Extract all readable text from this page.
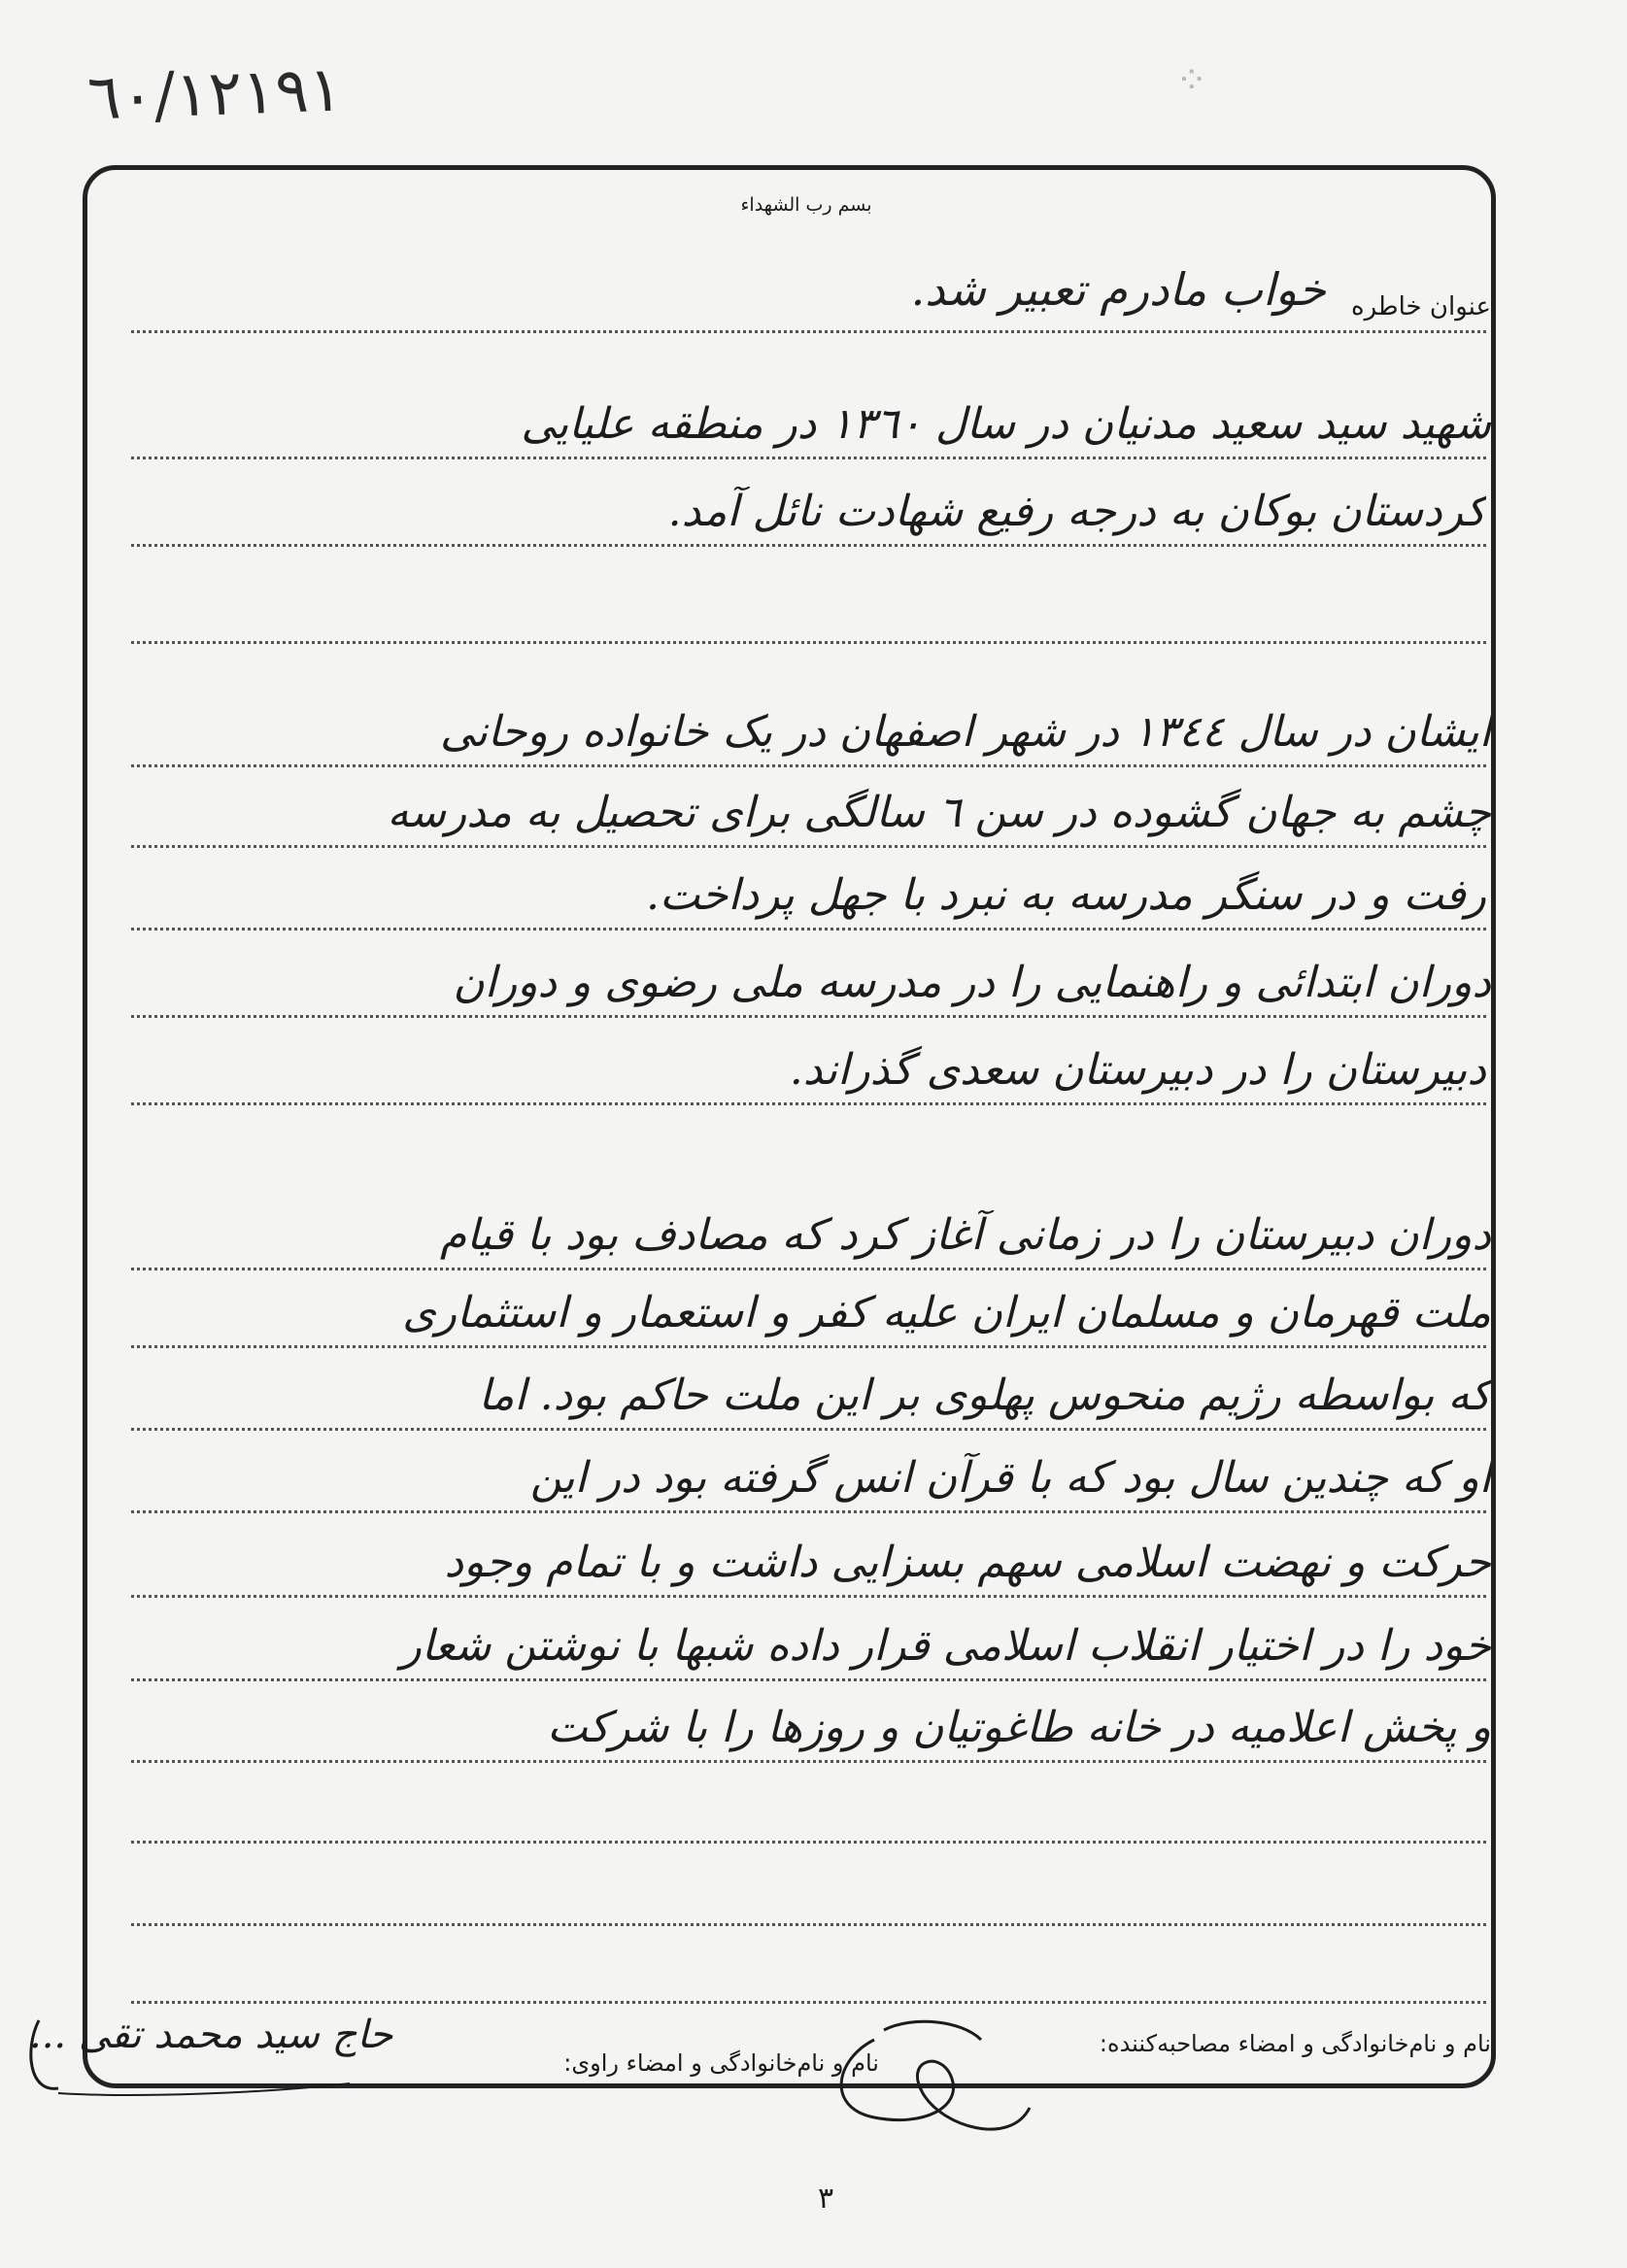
٦٠/١٢١٩١	⁘
بسم رب الشهداء
عنوان خاطره
خواب مادرم تعبیر شد.
شهید سید سعید مدنیان در سال ١٣٦٠ در منطقه علیایی
کردستان بوکان به درجه رفیع شهادت نائل آمد.
ایشان در سال ١٣٤٤ در شهر اصفهان در یک خانواده روحانی
چشم به جهان گشوده در سن ٦ سالگی برای تحصیل به مدرسه
رفت و در سنگر مدرسه به نبرد با جهل پرداخت.
دوران ابتدائی و راهنمایی را در مدرسه ملی رضوی و دوران
دبیرستان را در دبیرستان سعدی گذراند.
دوران دبیرستان را در زمانی آغاز کرد که مصادف بود با قیام
ملت قهرمان و مسلمان ایران علیه کفر و استعمار و استثماری
که بواسطه رژیم منحوس پهلوی بر این ملت حاکم بود. اما
او که چندین سال بود که با قرآن انس گرفته بود در این
حرکت و نهضت اسلامی سهم بسزایی داشت و با تمام وجود
خود را در اختیار انقلاب اسلامی قرار داده شبها با نوشتن شعار
و پخش اعلامیه در خانه طاغوتیان و روزها را با شرکت
نام و نام‌خانوادگی و امضاء مصاحبه‌کننده:
نام و نام‌خانوادگی و امضاء راوی:
حاج سید محمد تقی ...
٣
